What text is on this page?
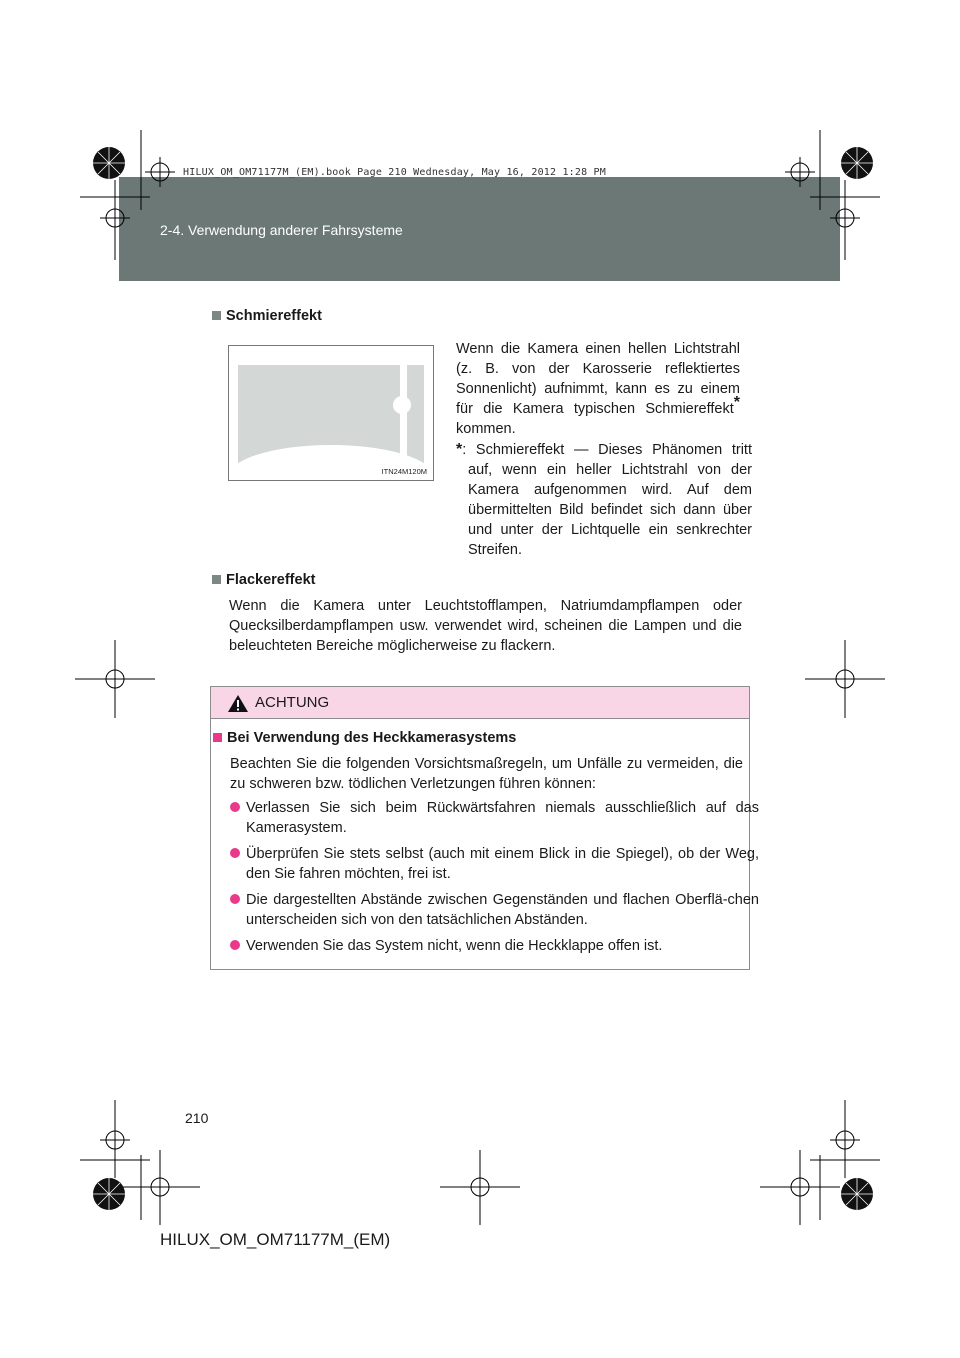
2-4. Verwendung anderer Fahrsysteme
HILUX_OM_OM71177M_(EM).book Page 210 Wednesday, May 16, 2012 1:28 PM
Schmiereffekt
Prüfen Sie die Umgebung.
ITN24M120M
Wenn die Kamera einen hellen Lichtstrahl (z. B. von der Karosserie reflektiertes Sonnenlicht) aufnimmt, kann es zu einem für die Kamera typischen Schmiereffekt* kommen.
*: Schmiereffekt — Dieses Phänomen tritt auf, wenn ein heller Lichtstrahl von der Kamera aufgenommen wird. Auf dem übermittelten Bild befindet sich dann über und unter der Lichtquelle ein senkrechter Streifen.
Flackereffekt
Wenn die Kamera unter Leuchtstofflampen, Natriumdampflampen oder Quecksilberdampflampen usw. verwendet wird, scheinen die Lampen und die beleuchteten Bereiche möglicherweise zu flackern.
ACHTUNG
Bei Verwendung des Heckkamerasystems
Beachten Sie die folgenden Vorsichtsmaßregeln, um Unfälle zu vermeiden, die zu schweren bzw. tödlichen Verletzungen führen können:
Verlassen Sie sich beim Rückwärtsfahren niemals ausschließlich auf das Kamerasystem.
Überprüfen Sie stets selbst (auch mit einem Blick in die Spiegel), ob der Weg, den Sie fahren möchten, frei ist.
Die dargestellten Abstände zwischen Gegenständen und flachen Oberflä-chen unterscheiden sich von den tatsächlichen Abständen.
Verwenden Sie das System nicht, wenn die Heckklappe offen ist.
210
HILUX_OM_OM71177M_(EM)
